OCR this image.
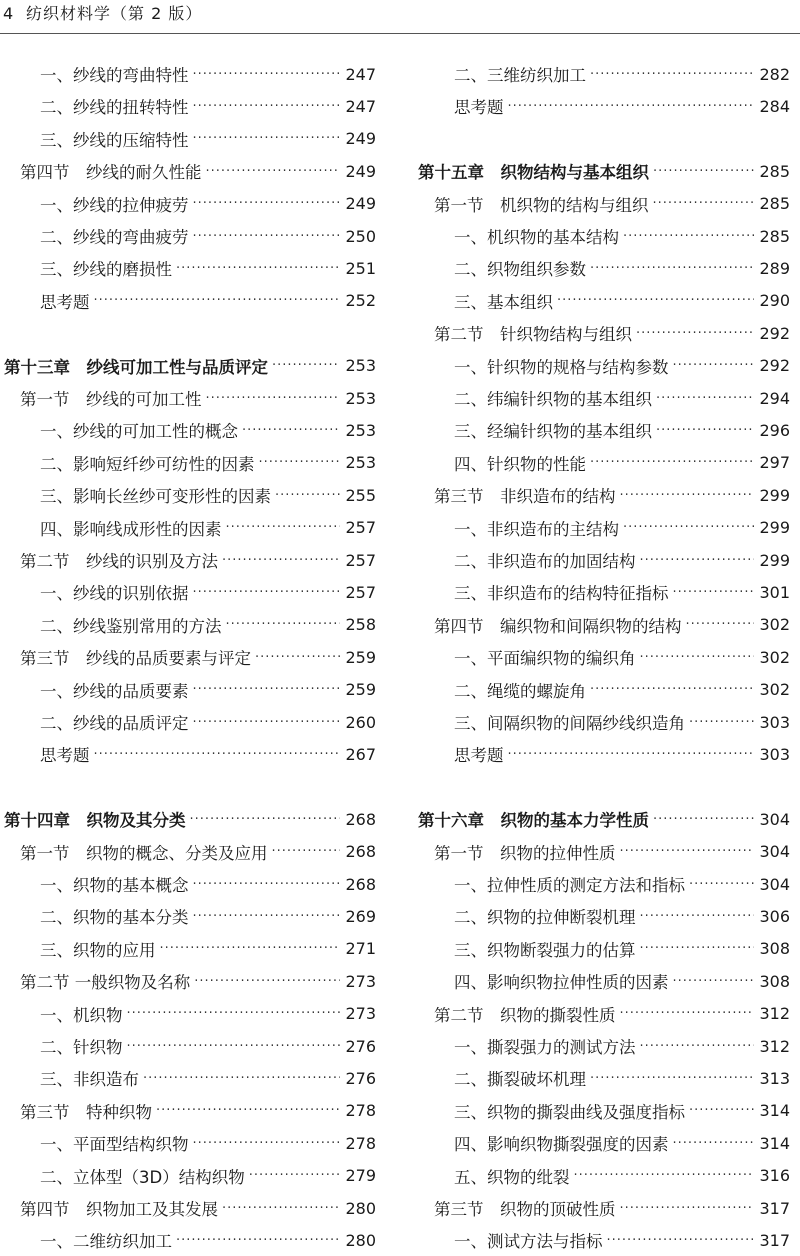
4 纺织材料学（第 2 版）
一、纱线的弯曲特性 ·····	247
二、纱线的扭转特性 ·····	247
三、纱线的压缩特性 ·····	249
第四节　纱线的耐久性能 ·····	249
一、纱线的拉伸疲劳 ·····	249
二、纱线的弯曲疲劳 ·····	250
三、纱线的磨损性 ·····	251
思考题 ·····	252
第十三章　纱线可加工性与品质评定 ·····	253
第一节　纱线的可加工性 ·····	253
一、纱线的可加工性的概念 ·····	253
二、影响短纤纱可纺性的因素 ·····	253
三、影响长丝纱可变形性的因素 ·····	255
四、影响线成形性的因素 ·····	257
第二节　纱线的识别及方法 ·····	257
一、纱线的识别依据 ·····	257
二、纱线鉴别常用的方法 ·····	258
第三节　纱线的品质要素与评定 ·····	259
一、纱线的品质要素 ·····	259
二、纱线的品质评定 ·····	260
思考题 ·····	267
第十四章　织物及其分类 ·····	268
第一节　织物的概念、分类及应用 ·····	268
一、织物的基本概念 ·····	268
二、织物的基本分类 ·····	269
三、织物的应用 ·····	271
第二节 一般织物及名称 ·····	273
一、机织物 ·····	273
二、针织物 ·····	276
三、非织造布 ·····	276
第三节　特种织物 ·····	278
一、平面型结构织物 ·····	278
二、立体型（3D）结构织物 ·····	279
第四节　织物加工及其发展 ·····	280
一、二维纺织加工 ·····	280
二、三维纺织加工 ·····	282
思考题 ·····	284
第十五章　织物结构与基本组织 ·····	285
第一节　机织物的结构与组织 ·····	285
一、机织物的基本结构 ·····	285
二、织物组织参数 ·····	289
三、基本组织 ·····	290
第二节　针织物结构与组织 ·····	292
一、针织物的规格与结构参数 ·····	292
二、纬编针织物的基本组织 ·····	294
三、经编针织物的基本组织 ·····	296
四、针织物的性能 ·····	297
第三节　非织造布的结构 ·····	299
一、非织造布的主结构 ·····	299
二、非织造布的加固结构 ·····	299
三、非织造布的结构特征指标 ·····	301
第四节　编织物和间隔织物的结构 ·····	302
一、平面编织物的编织角 ·····	302
二、绳缆的螺旋角 ·····	302
三、间隔织物的间隔纱线织造角 ·····	303
思考题 ·····	303
第十六章　织物的基本力学性质 ·····	304
第一节　织物的拉伸性质 ·····	304
一、拉伸性质的测定方法和指标 ·····	304
二、织物的拉伸断裂机理 ·····	306
三、织物断裂强力的估算 ·····	308
四、影响织物拉伸性质的因素 ·····	308
第二节　织物的撕裂性质 ·····	312
一、撕裂强力的测试方法 ·····	312
二、撕裂破坏机理 ·····	313
三、织物的撕裂曲线及强度指标 ·····	314
四、影响织物撕裂强度的因素 ·····	314
五、织物的纰裂 ·····	316
第三节　织物的顶破性质 ·····	317
一、测试方法与指标 ·····	317
